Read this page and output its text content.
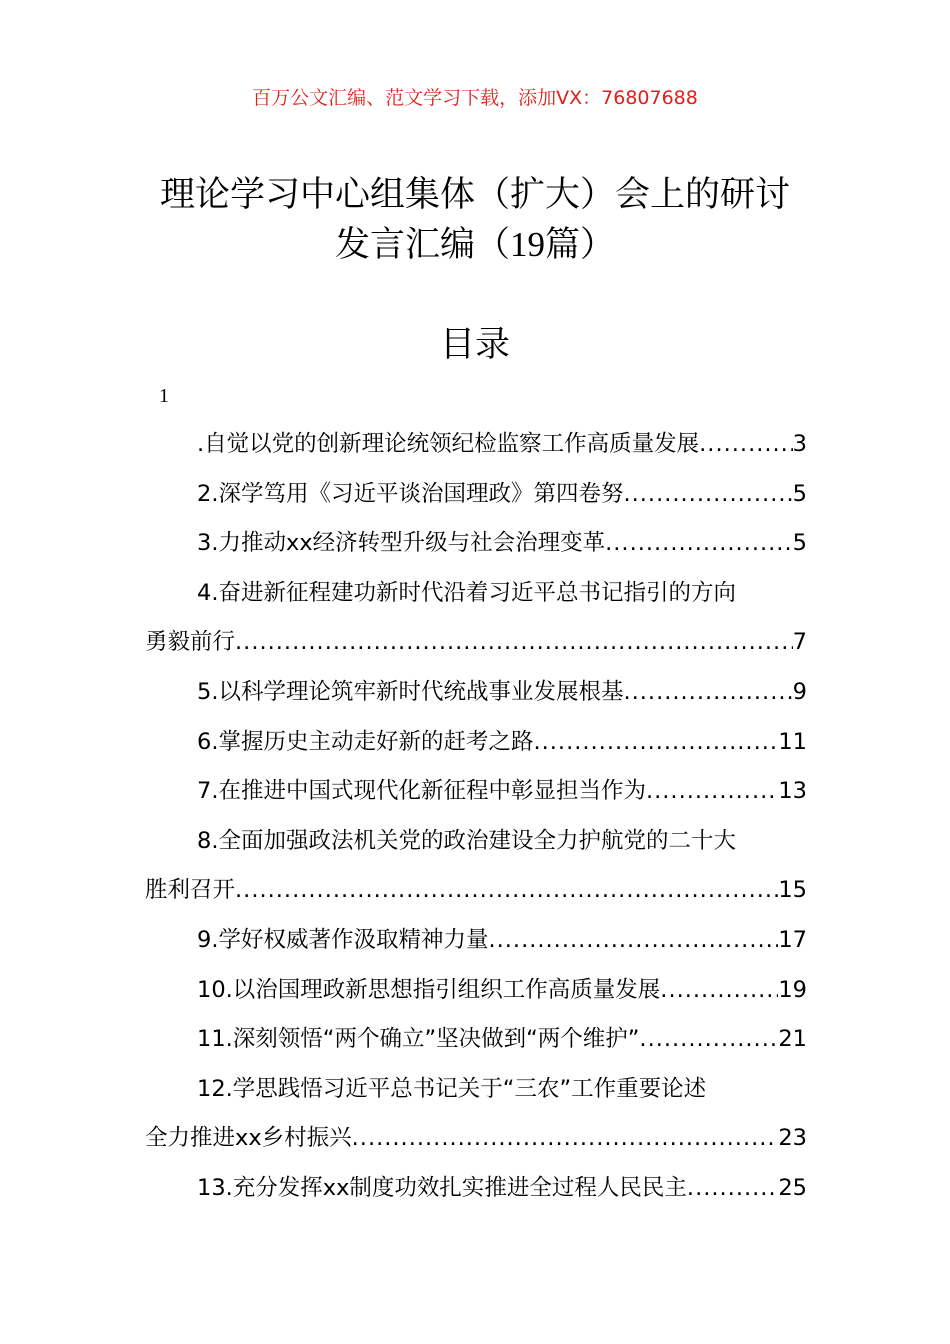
百万公文汇编、范文学习下载，添加VX：76807688
理论学习中心组集体（扩大）会上的研讨
发言汇编（19篇）
目录
1
.自觉以党的创新理论统领纪检监察工作高质量发展 .....	3
2.深学笃用《习近平谈治国理政》第四卷努 .....	5
3.力推动xx经济转型升级与社会治理变革 .....	5
4.奋进新征程建功新时代沿着习近平总书记指引的方向
勇毅前行 .....	7
5.以科学理论筑牢新时代统战事业发展根基 .....	9
6.掌握历史主动走好新的赶考之路 .....	11
7.在推进中国式现代化新征程中彰显担当作为 .....	13
8.全面加强政法机关党的政治建设全力护航党的二十大
胜利召开 .....	15
9.学好权威著作汲取精神力量 .....	17
10.以治国理政新思想指引组织工作高质量发展 .....	19
11.深刻领悟“两个确立”坚决做到“两个维护” .....	21
12.学思践悟习近平总书记关于“三农”工作重要论述
全力推进xx乡村振兴 .....	23
13.充分发挥xx制度功效扎实推进全过程人民民主 .....	25
